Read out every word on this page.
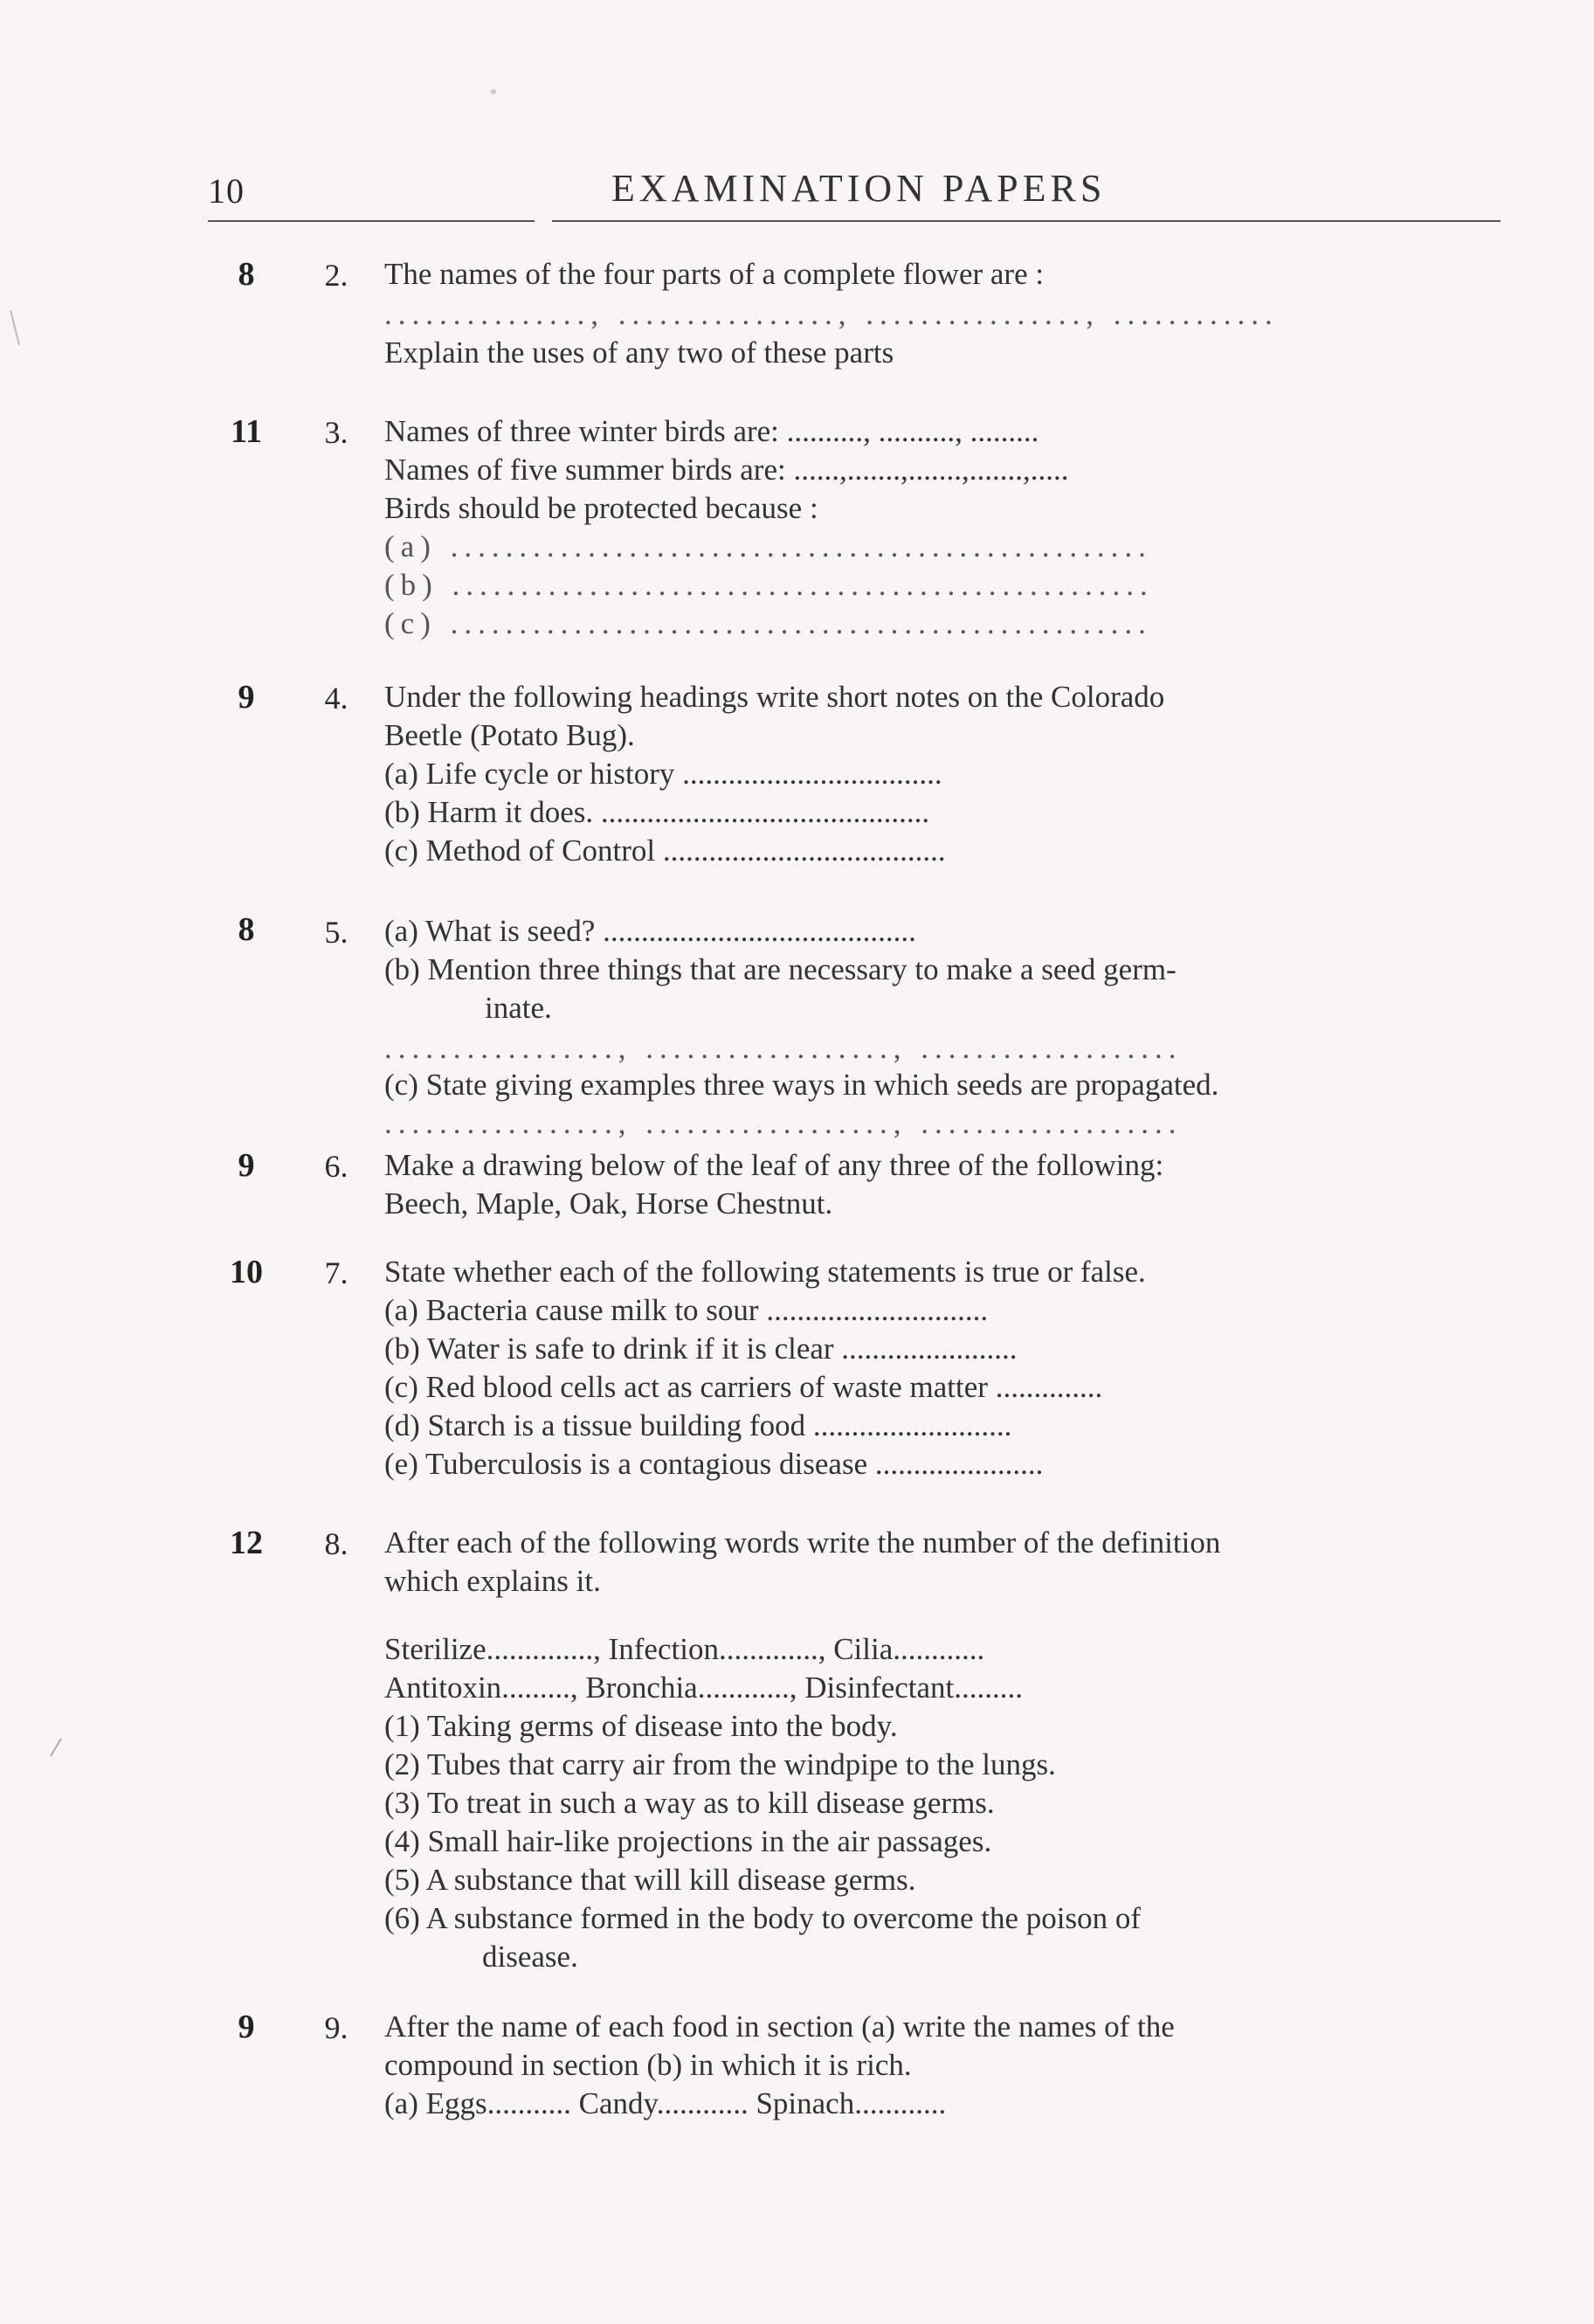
10	EXAMINATION PAPERS
8	2.	The names of the four parts of a complete flower are :
..............., ................, ................, ............
Explain the uses of any two of these parts
11	3.	Names of three winter birds are: .........., .........., .........
Names of five summer birds are: ......,.......,.......,.......,.....
Birds should be protected because :
(a) ...................................................
(b) ...................................................
(c) ...................................................
9	4.	Under the following headings write short notes on the Colorado
Beetle (Potato Bug).
(a) Life cycle or history ..................................
(b) Harm it does. ...........................................
(c) Method of Control .....................................
8	5.	(a) What is seed? .........................................
(b) Mention three things that are necessary to make a seed germ-
inate.
................., .................., ...................
(c) State giving examples three ways in which seeds are propagated.
................., .................., ...................
9	6.	Make a drawing below of the leaf of any three of the following:
Beech, Maple, Oak, Horse Chestnut.
10	7.	State whether each of the following statements is true or false.
(a) Bacteria cause milk to sour .............................
(b) Water is safe to drink if it is clear .......................
(c) Red blood cells act as carriers of waste matter ..............
(d) Starch is a tissue building food ..........................
(e) Tuberculosis is a contagious disease ......................
12	8.	After each of the following words write the number of the definition
which explains it.
Sterilize.............., Infection............., Cilia............
Antitoxin........., Bronchia............, Disinfectant.........
(1) Taking germs of disease into the body.
(2) Tubes that carry air from the windpipe to the lungs.
(3) To treat in such a way as to kill disease germs.
(4) Small hair-like projections in the air passages.
(5) A substance that will kill disease germs.
(6) A substance formed in the body to overcome the poison of
disease.
9	9.	After the name of each food in section (a) write the names of the
compound in section (b) in which it is rich.
(a) Eggs........... Candy............ Spinach............
